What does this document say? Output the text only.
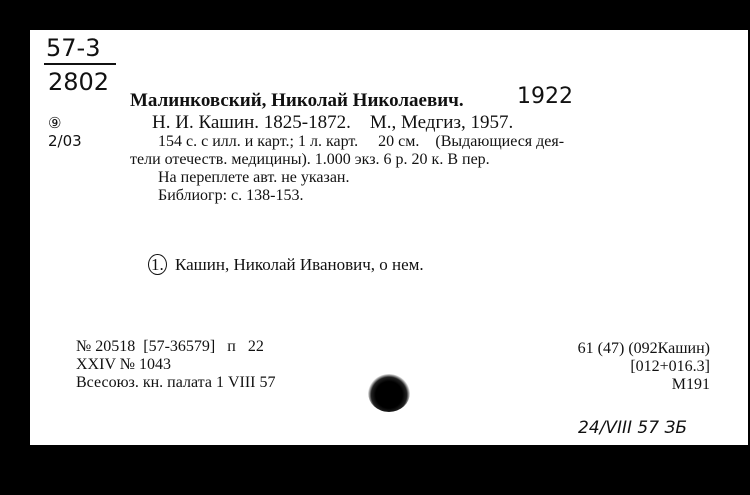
57-3
2802
⑨
2/03
Малинковский, Николай Николаевич. 1922
Н. И. Кашин. 1825-1872.    М., Медгиз, 1957.
154 с. с илл. и карт.; 1 л. карт.     20 см.    (Выдающиеся дея-
тели отечеств. медицины). 1.000 экз. 6 р. 20 к. В пер.
На переплете авт. не указан.
Библиогр: с. 138-153.
1. Кашин, Николай Иванович, о нем.
№ 20518  [57-36579]   п   22
XXIV № 1043
Всесоюз. кн. палата 1 VIII 57
61 (47) (092Кашин)
[012+016.3]
М191
24/VIII 57 ЗБ
